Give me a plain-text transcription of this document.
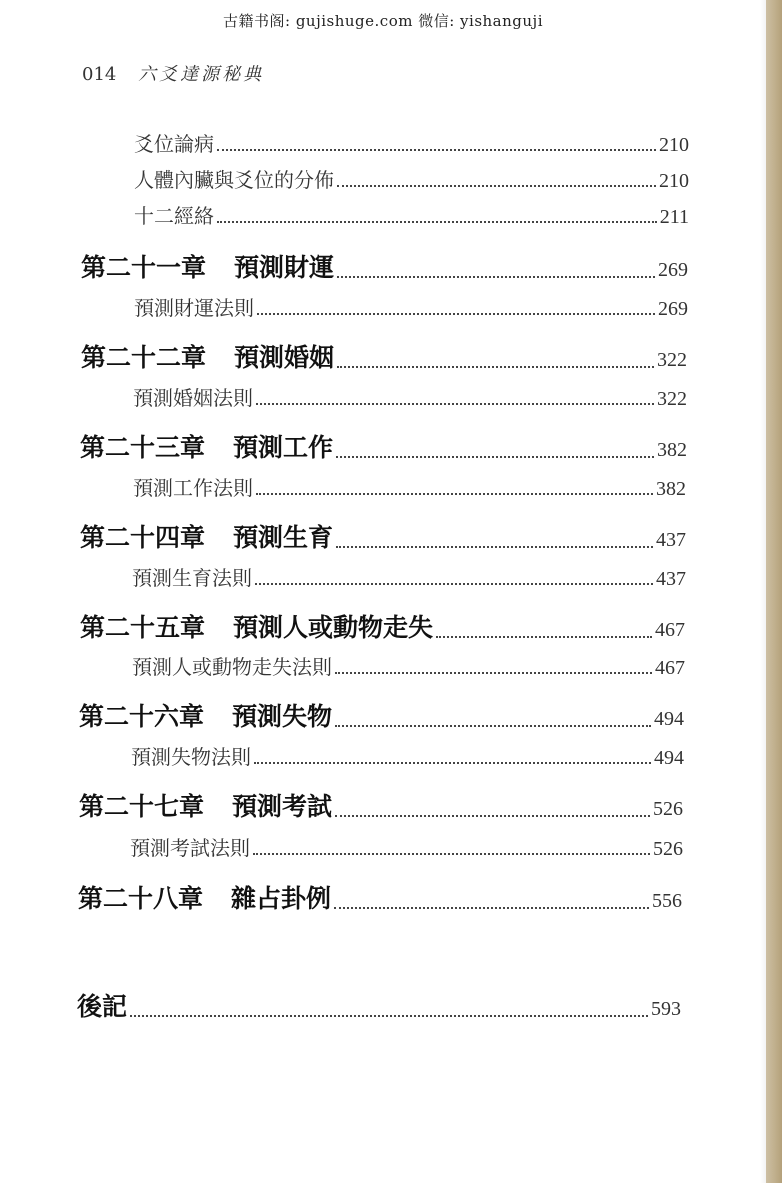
古籍书阁: gujishuge.com 微信: yishanguji
014 六爻達源秘典
爻位論病	210
人體內臟與爻位的分佈	210
十二經絡	211
第二十一章 預測財運	269
預測財運法則	269
第二十二章 預測婚姻	322
預測婚姻法則	322
第二十三章 預測工作	382
預測工作法則	382
第二十四章 預測生育	437
預測生育法則	437
第二十五章 預測人或動物走失	467
預測人或動物走失法則	467
第二十六章 預測失物	494
預測失物法則	494
第二十七章 預測考試	526
預測考試法則	526
第二十八章 雜占卦例	556
後記	593
